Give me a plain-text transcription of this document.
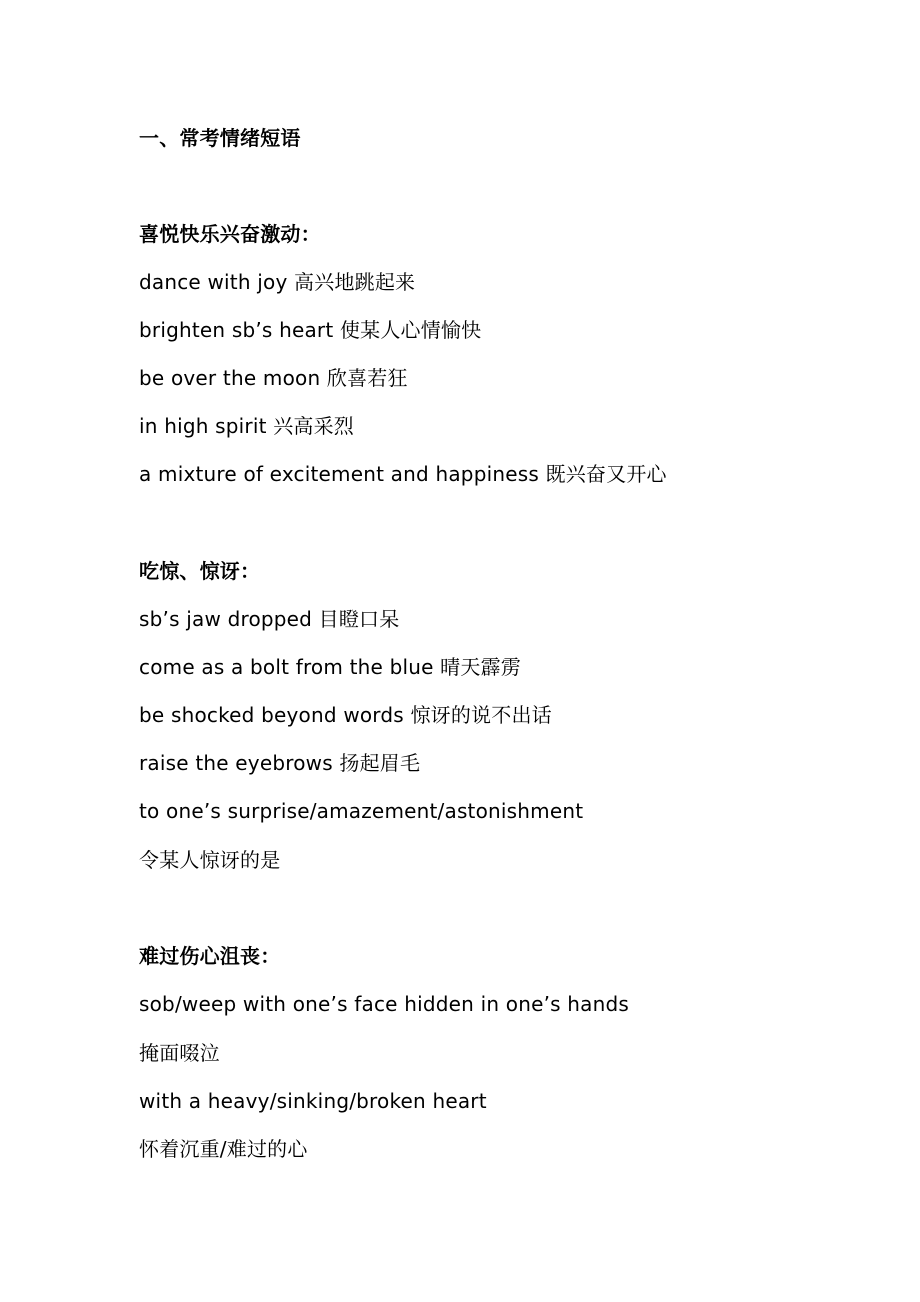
一、常考情绪短语
喜悦快乐兴奋激动：
dance with joy 高兴地跳起来
brighten sb’s heart 使某人心情愉快
be over the moon 欣喜若狂
in high spirit 兴高采烈
a mixture of excitement and happiness 既兴奋又开心
吃惊、惊讶：
sb’s jaw dropped 目瞪口呆
come as a bolt from the blue 晴天霹雳
be shocked beyond words 惊讶的说不出话
raise the eyebrows 扬起眉毛
to one’s surprise/amazement/astonishment
令某人惊讶的是
难过伤心沮丧：
sob/weep with one’s face hidden in one’s hands
掩面啜泣
with a heavy/sinking/broken heart
怀着沉重/难过的心
